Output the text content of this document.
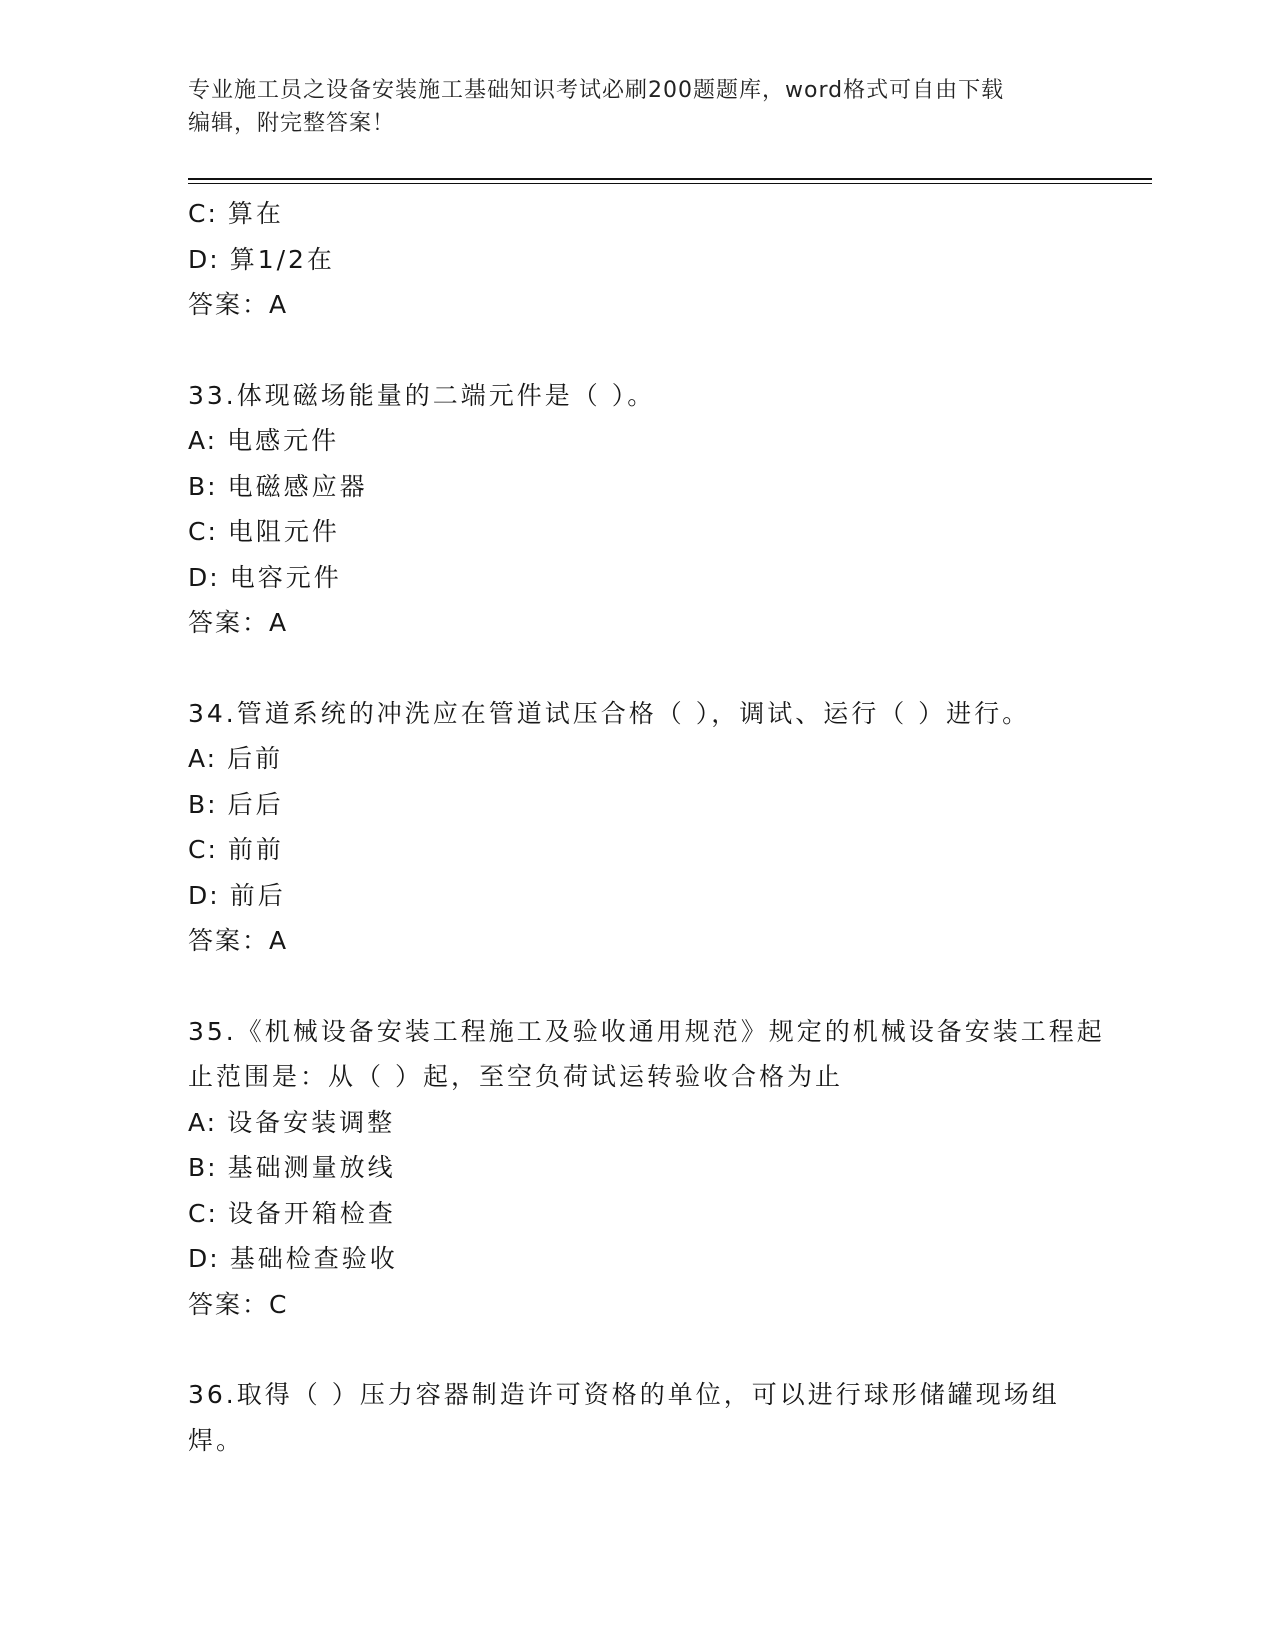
专业施工员之设备安装施工基础知识考试必刷200题题库，word格式可自由下载
编辑，附完整答案！
C: 算在
D: 算1/2在
答案：A
33.体现磁场能量的二端元件是（ ）。
A: 电感元件
B: 电磁感应器
C: 电阻元件
D: 电容元件
答案：A
34.管道系统的冲洗应在管道试压合格（ ），调试、运行（ ）进行。
A: 后前
B: 后后
C: 前前
D: 前后
答案：A
35.《机械设备安装工程施工及验收通用规范》规定的机械设备安装工程起止范围是：从（ ）起，至空负荷试运转验收合格为止
A: 设备安装调整
B: 基础测量放线
C: 设备开箱检查
D: 基础检查验收
答案：C
36.取得（ ）压力容器制造许可资格的单位，可以进行球形储罐现场组焊。
